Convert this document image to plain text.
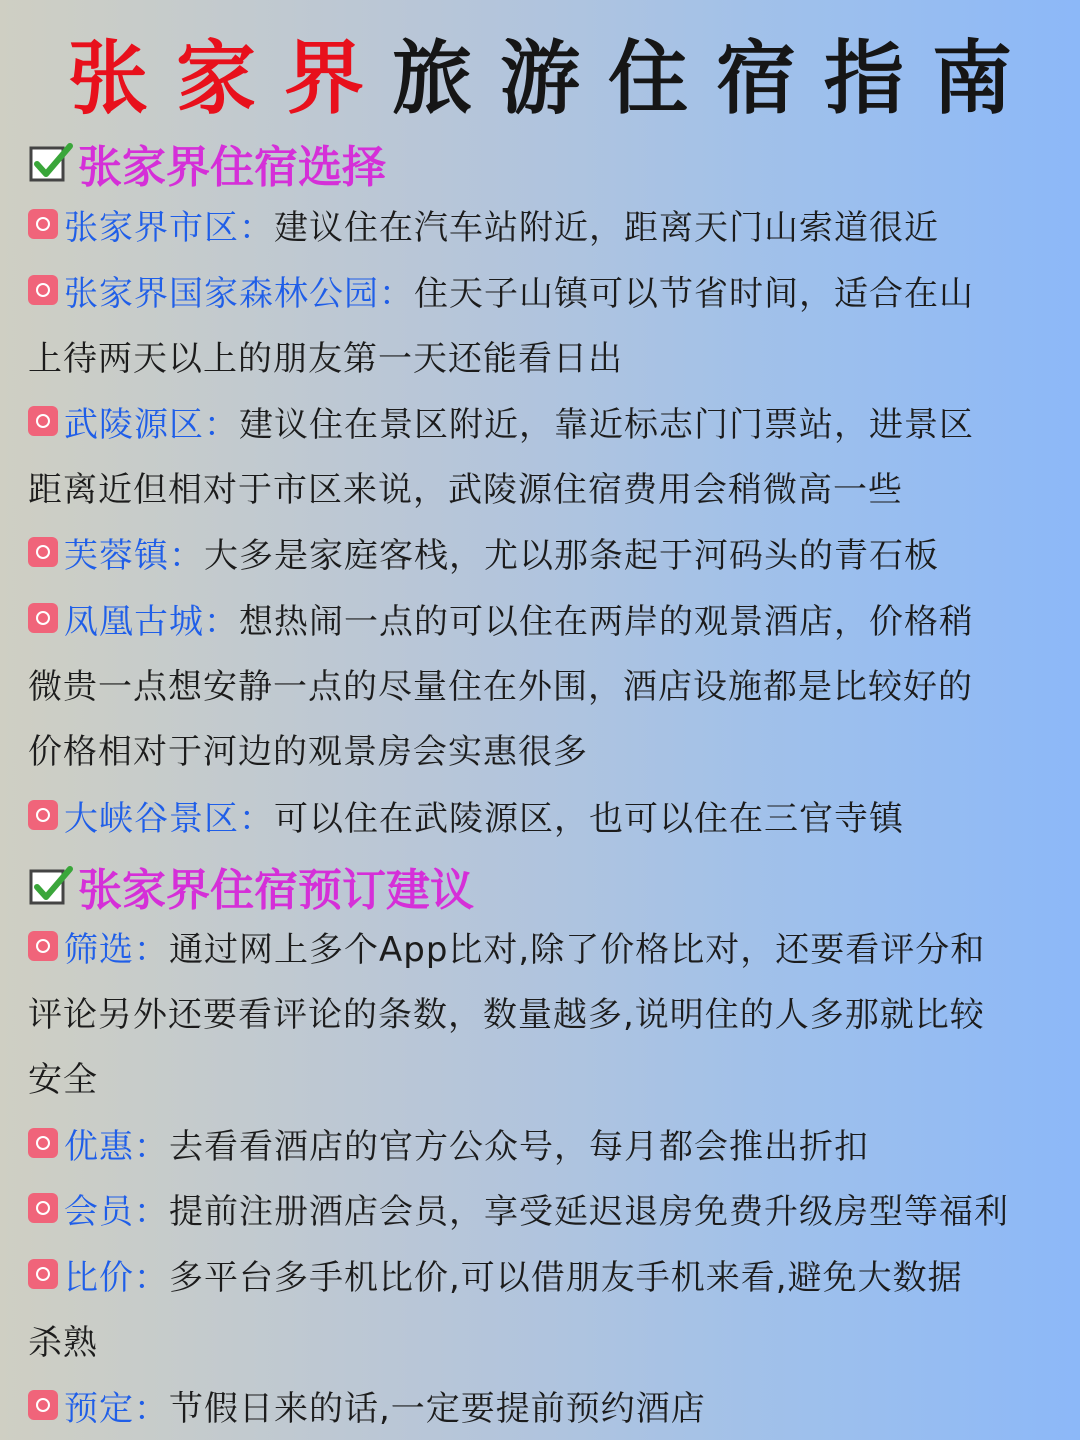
张 家 界 旅 游 住 宿 指 南
张家界住宿选择
张家界市区： 建议住在汽车站附近，距离天门山索道很近
张家界国家森林公园： 住天子山镇可以节省时间，适合在山
上待两天以上的朋友第一天还能看日出
武陵源区： 建议住在景区附近，靠近标志门门票站，进景区
距离近但相对于市区来说，武陵源住宿费用会稍微高一些
芙蓉镇： 大多是家庭客栈，尤以那条起于河码头的青石板
凤凰古城： 想热闹一点的可以住在两岸的观景酒店，价格稍
微贵一点想安静一点的尽量住在外围，酒店设施都是比较好的
价格相对于河边的观景房会实惠很多
大峡谷景区： 可以住在武陵源区，也可以住在三官寺镇
张家界住宿预订建议
筛选： 通过网上多个App比对,除了价格比对，还要看评分和
评论另外还要看评论的条数，数量越多,说明住的人多那就比较
安全
优惠： 去看看酒店的官方公众号，每月都会推出折扣
会员： 提前注册酒店会员，享受延迟退房免费升级房型等福利
比价： 多平台多手机比价,可以借朋友手机来看,避免大数据
杀熟
预定： 节假日来的话,一定要提前预约酒店
